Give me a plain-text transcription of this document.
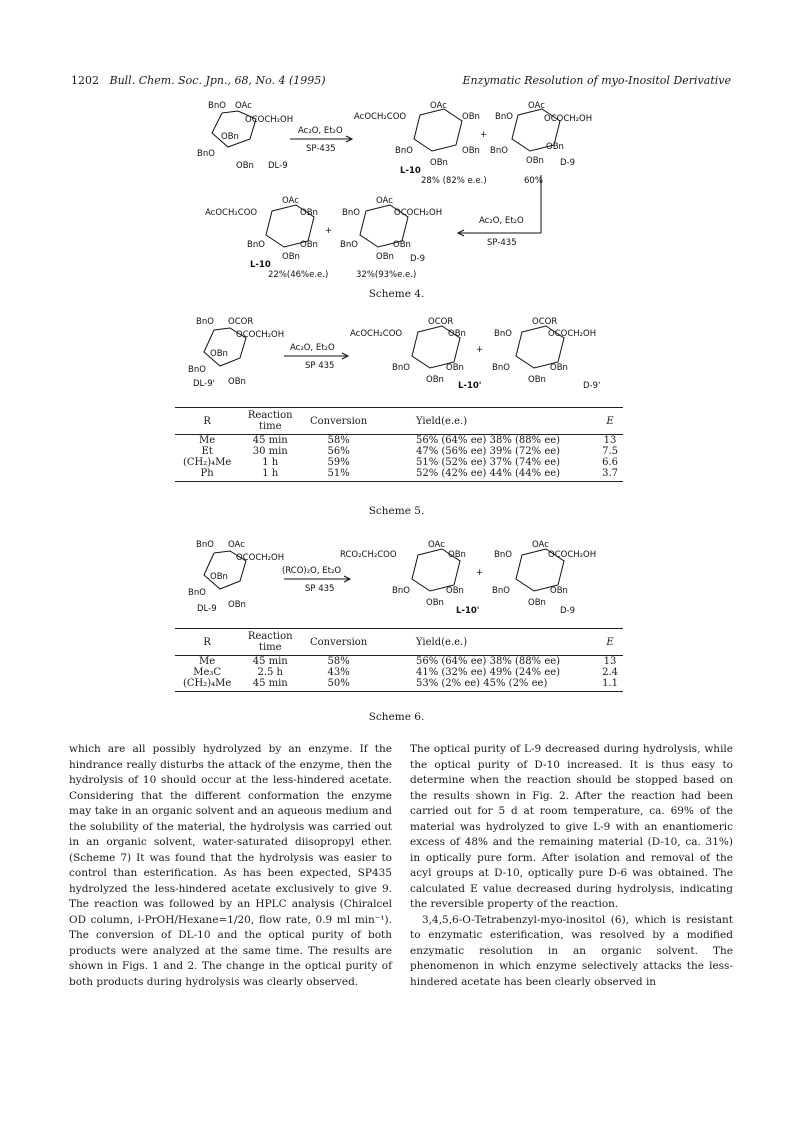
1202 Bull. Chem. Soc. Jpn., 68, No. 4 (1995)	Enzymatic Resolution of myo-Inositol Derivative
BnO OAc
OCOCH₂OH
OBn
BnO
OBn DL-9
Ac₂O, Et₂O
SP-435
AcOCH₂COO
OAc
OBn
BnO	OBn
OBn
L-10
28% (82% e.e.)
+
BnO
OAc
OCOCH₂OH
BnO	OBn
OBn D-9
60%
Ac₂O, Et₂O
SP-435
AcOCH₂COO
OAc
OBn
BnO	OBn
OBn
L-10
22%(46%e.e.)
+
BnO
OAc
OCOCH₂OH
BnO	OBn
OBn D-9
32%(93%e.e.)
Scheme 4.
BnO OCOR
OCOCH₂OH
OBn
BnO
DL-9' OBn
Ac₂O, Et₂O
SP 435
AcOCH₂COO
OCOR
OBn
BnO	OBn
OBn
L-10'
+
BnO
OCOR
OCOCH₂OH
BnO	OBn
OBn
D-9'
R	Reaction time	Conversion	Yield(e.e.)	E
Me	45 min	58%	56% (64% ee) 38% (88% ee)	13
Et	30 min	56%	47% (56% ee) 39% (72% ee)	7.5
(CH₂)₄Me	1 h	59%	51% (52% ee) 37% (74% ee)	6.6
Ph	1 h	51%	52% (42% ee) 44% (44% ee)	3.7
Scheme 5.
BnO OAc
OCOCH₂OH
OBn
BnO
DL-9 OBn
(RCO)₂O, Et₂O
SP 435
RCO₂CH₂COO
OAc
OBn
BnO	OBn
OBn
L-10'
+
BnO
OAc
OCOCH₂OH
BnO	OBn
OBn
D-9
R	Reaction time	Conversion	Yield(e.e.)	E
Me	45 min	58%	56% (64% ee) 38% (88% ee)	13
Me₃C	2.5 h	43%	41% (32% ee) 49% (24% ee)	2.4
(CH₂)₄Me	45 min	50%	53% (2% ee) 45% (2% ee)	1.1
Scheme 6.

which are all possibly hydrolyzed by an enzyme. If the hindrance really disturbs the attack of the enzyme, then the hydrolysis of 10 should occur at the less-hindered acetate. Considering that the different conformation the enzyme may take in an organic solvent and an aqueous medium and the solubility of the material, the hydrolysis was carried out in an organic solvent, water-saturated diisopropyl ether. (Scheme 7) It was found that the hydrolysis was easier to control than esterification. As has been expected, SP435 hydrolyzed the less-hindered acetate exclusively to give 9. The reaction was followed by an HPLC analysis (Chiralcel OD column, i-PrOH/Hexane=1/20, flow rate, 0.9 ml min⁻¹). The conversion of DL-10 and the optical purity of both products were analyzed at the same time. The results are shown in Figs. 1 and 2. The change in the optical purity of both products during hydrolysis was clearly observed.

The optical purity of L-9 decreased during hydrolysis, while the optical purity of D-10 increased. It is thus easy to determine when the reaction should be stopped based on the results shown in Fig. 2. After the reaction had been carried out for 5 d at room temperature, ca. 69% of the material was hydrolyzed to give L-9 with an enantiomeric excess of 48% and the remaining material (D-10, ca. 31%) in optically pure form. After isolation and removal of the acyl groups at D-10, optically pure D-6 was obtained. The calculated E value decreased during hydrolysis, indicating the reversible property of the reaction.

3,4,5,6-O-Tetrabenzyl-myo-inositol (6), which is resistant to enzymatic esterification, was resolved by a modified enzymatic resolution in an organic solvent. The phenomenon in which enzyme selectively attacks the less-hindered acetate has been clearly observed in
